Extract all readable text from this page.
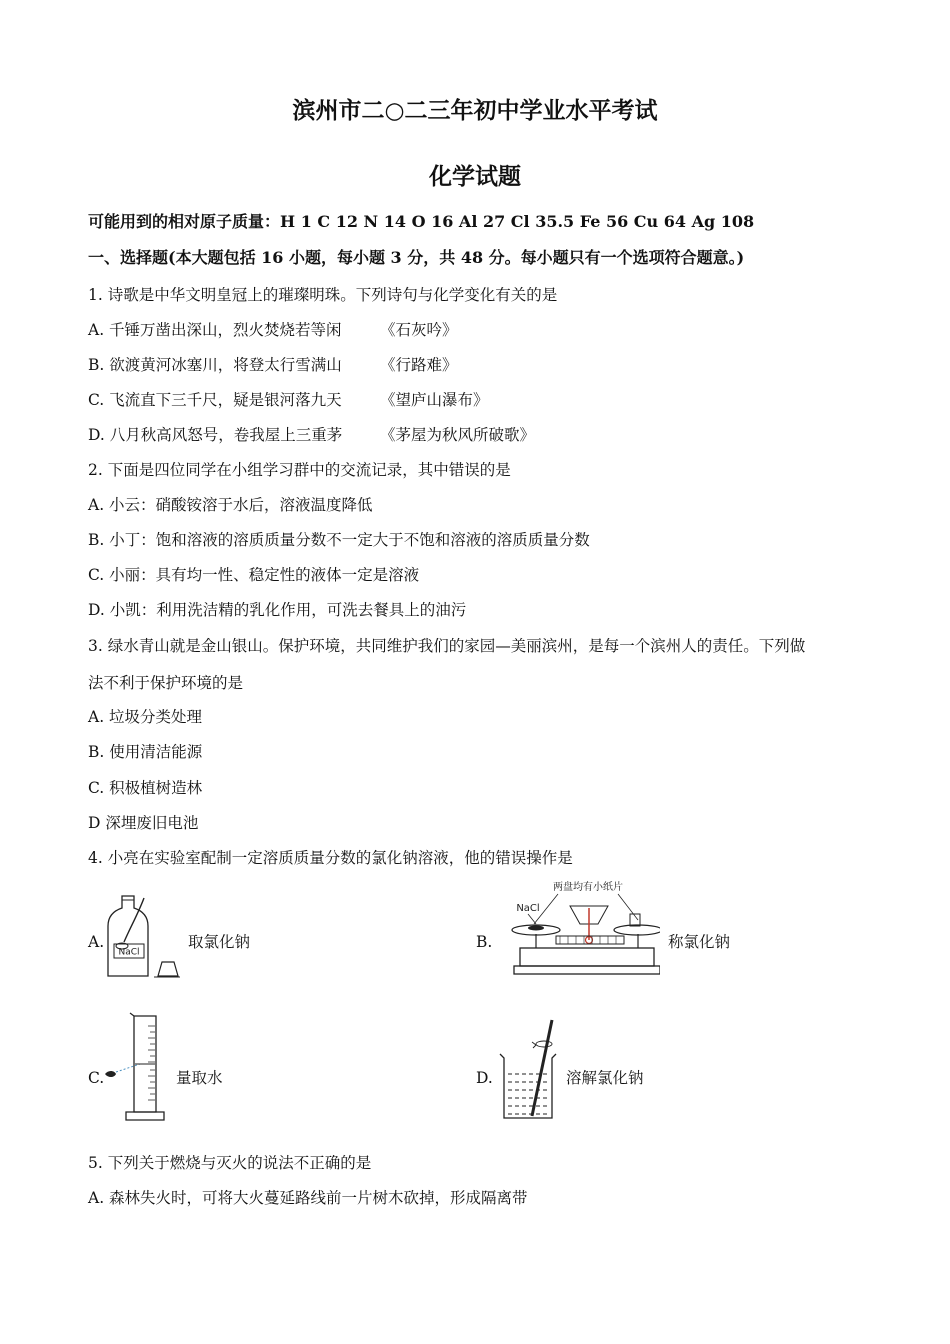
滨州市二○二三年初中学业水平考试
化学试题
可能用到的相对原子质量：H 1 C 12 N 14 O 16 Al 27 Cl 35.5 Fe 56 Cu 64 Ag 108
一、选择题(本大题包括 16 小题，每小题 3 分，共 48 分。每小题只有一个选项符合题意。)
1. 诗歌是中华文明皇冠上的璀璨明珠。下列诗句与化学变化有关的是
A. 千锤万凿出深山，烈火焚烧若等闲 《石灰吟》
B. 欲渡黄河冰塞川，将登太行雪满山 《行路难》
C. 飞流直下三千尺，疑是银河落九天 《望庐山瀑布》
D. 八月秋高风怒号，卷我屋上三重茅 《茅屋为秋风所破歌》
2. 下面是四位同学在小组学习群中的交流记录，其中错误的是
A. 小云：硝酸铵溶于水后，溶液温度降低
B. 小丁：饱和溶液的溶质质量分数不一定大于不饱和溶液的溶质质量分数
C. 小丽：具有均一性、稳定性的液体一定是溶液
D. 小凯：利用洗洁精的乳化作用，可洗去餐具上的油污
3. 绿水青山就是金山银山。保护环境，共同维护我们的家园—美丽滨州，是每一个滨州人的责任。下列做
法不利于保护环境的是
A. 垃圾分类处理
B. 使用清洁能源
C. 积极植树造林
D 深埋废旧电池
4. 小亮在实验室配制一定溶质质量分数的氯化钠溶液，他的错误操作是
A.
NaCl
取氯化钠	B.
两盘均有小纸片
NaCl
称氯化钠
C.	量取水	D.	溶解氯化钠
5. 下列关于燃烧与灭火的说法不正确的是
A. 森林失火时，可将大火蔓延路线前一片树木砍掉，形成隔离带
